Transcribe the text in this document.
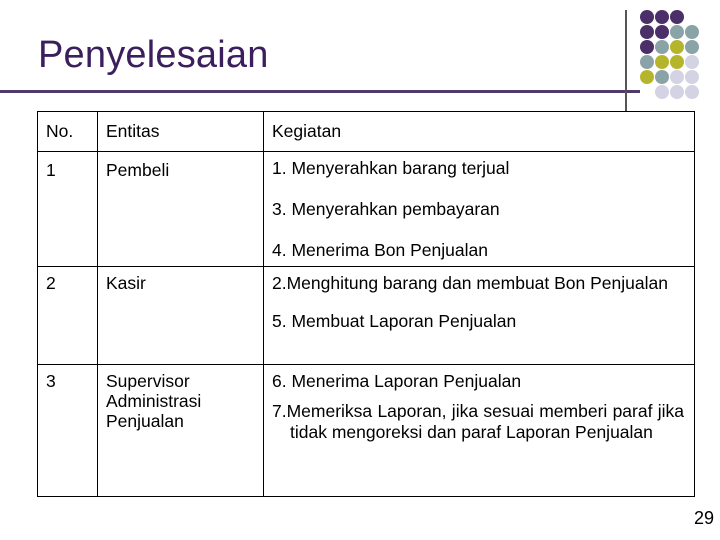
Penyelesaian
No.	Entitas	Kegiatan

1	Pembeli	1. Menyerahkan barang terjual

3. Menyerahkan pembayaran

4. Menerima Bon Penjualan

2	Kasir	2.Menghitung barang dan membuat Bon Penjualan

5. Membuat Laporan Penjualan

3	Supervisor Administrasi Penjualan	6. Menerima Laporan Penjualan

7.Memeriksa Laporan, jika sesuai memberi paraf jika tidak mengoreksi dan paraf Laporan Penjualan

29
